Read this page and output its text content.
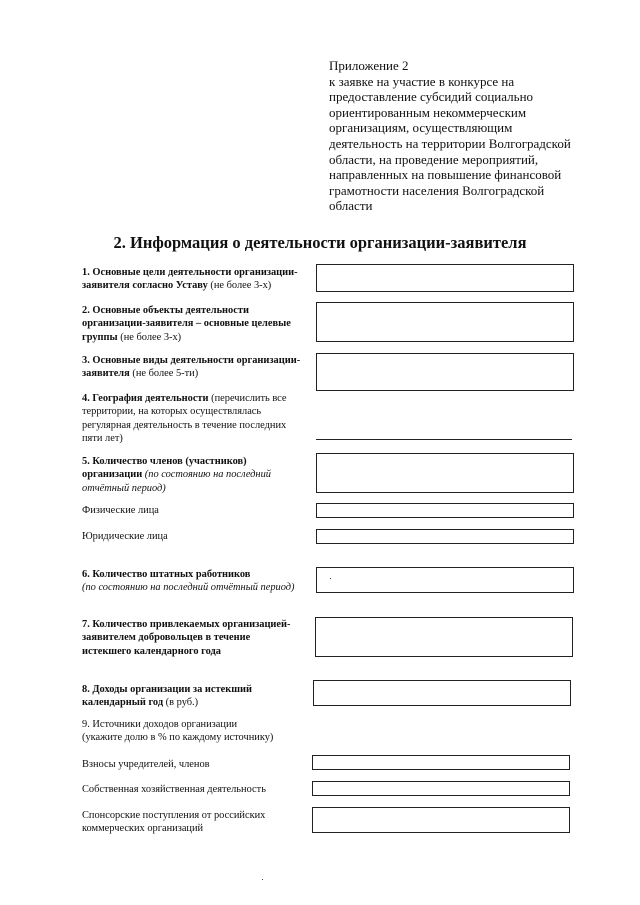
Приложение 2
к заявке на участие в конкурсе на
предоставление субсидий социально
ориентированным некоммерческим
организациям, осуществляющим
деятельность на территории Волгоградской
области, на проведение мероприятий,
направленных на повышение финансовой
грамотности населения Волгоградской
области
2. Информация о деятельности организации-заявителя
1. Основные цели деятельности организации-
заявителя согласно Уставу (не более 3-х)
2. Основные объекты деятельности
организации-заявителя – основные целевые
группы (не более 3-х)
3. Основные виды деятельности организации-
заявителя (не более 5-ти)
4. География деятельности (перечислить все
территории, на которых осуществлялась
регулярная деятельность в течение последних
пяти лет)
5. Количество членов (участников)
организации (по состоянию на последний
отчётный период)
Физические лица
Юридические лица
6. Количество штатных работников
(по состоянию на последний отчётный период)
7. Количество привлекаемых организацией-
заявителем добровольцев в течение
истекшего календарного года
8. Доходы организации за истекший
календарный год (в руб.)
9. Источники доходов организации
(укажите долю в % по каждому источнику)
Взносы учредителей, членов
Собственная хозяйственная деятельность
Спонсорские поступления от российских
коммерческих организаций
